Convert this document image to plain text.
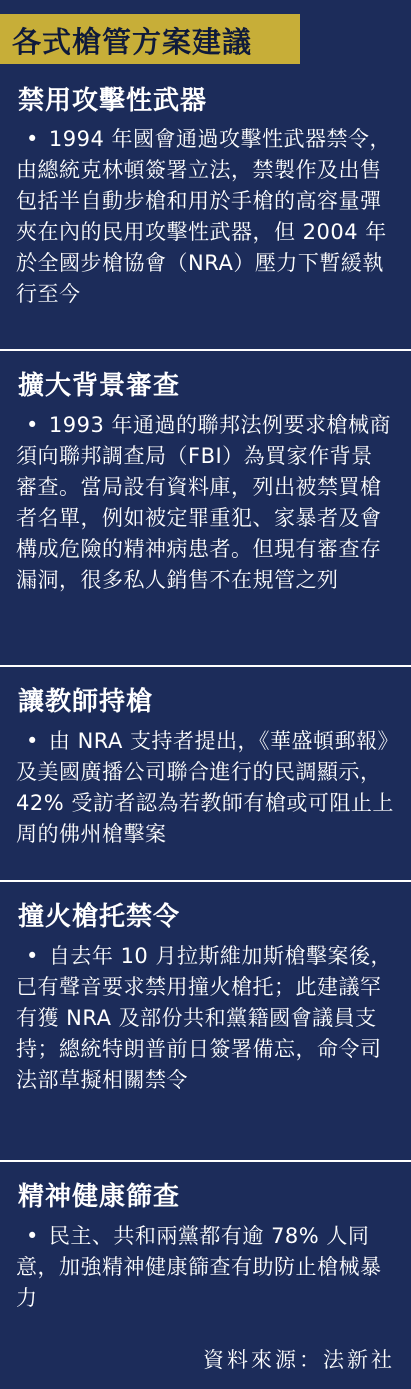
各式槍管方案建議
禁用攻擊性武器
• 1994 年國會通過攻擊性武器禁令，由總統克林頓簽署立法，禁製作及出售包括半自動步槍和用於手槍的高容量彈夾在內的民用攻擊性武器，但 2004 年於全國步槍協會（NRA）壓力下暫緩執行至今
擴大背景審查
• 1993 年通過的聯邦法例要求槍械商須向聯邦調查局（FBI）為買家作背景審查。當局設有資料庫，列出被禁買槍者名單，例如被定罪重犯、家暴者及會構成危險的精神病患者。但現有審查存漏洞，很多私人銷售不在規管之列
讓教師持槍
• 由 NRA 支持者提出，《華盛頓郵報》及美國廣播公司聯合進行的民調顯示，42% 受訪者認為若教師有槍或可阻止上周的佛州槍擊案
撞火槍托禁令
• 自去年 10 月拉斯維加斯槍擊案後，已有聲音要求禁用撞火槍托；此建議罕有獲 NRA 及部份共和黨籍國會議員支持；總統特朗普前日簽署備忘，命令司法部草擬相關禁令
精神健康篩查
• 民主、共和兩黨都有逾 78% 人同意，加強精神健康篩查有助防止槍械暴力
資料來源：法新社
